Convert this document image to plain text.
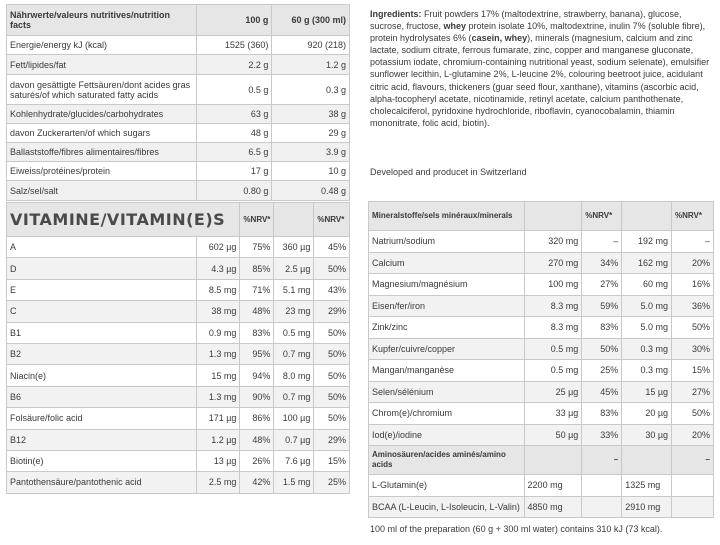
Nährwerte/valeurs nutritives/nutrition facts	100 g	60 g (300 ml)
Energie/energy kJ (kcal)	1525 (360)	920 (218)
Fett/lipides/fat	2.2 g	1.2 g
davon gesättigte Fettsäuren/dont acides gras saturés/of which saturated fatty acids	0.5 g	0.3 g
Kohlenhydrate/glucides/carbohydrates	63 g	38 g
davon Zuckerarten/of which sugars	48 g	29 g
Ballaststoffe/fibres alimentaires/fibres	6.5 g	3.9 g
Eiweiss/protéines/protein	17 g	10 g
Salz/sel/salt	0.80 g	0.48 g
VITAMINE/VITAMIN(E)S		%NRV*		%NRV*
A	602 µg	75%	360 µg	45%
D	4.3 µg	85%	2.5 µg	50%
E	8.5 mg	71%	5.1 mg	43%
C	38 mg	48%	23 mg	29%
B1	0.9 mg	83%	0.5 mg	50%
B2	1.3 mg	95%	0.7 mg	50%
Niacin(e)	15 mg	94%	8.0 mg	50%
B6	1.3 mg	90%	0.7 mg	50%
Folsäure/folic acid	171 µg	86%	100 µg	50%
B12	1.2 µg	48%	0.7 µg	29%
Biotin(e)	13 µg	26%	7.6 µg	15%
Pantothensäure/pantothenic acid	2.5 mg	42%	1.5 mg	25%
Ingredients: Fruit powders 17% (maltodextrine, strawberry, banana), glucose, sucrose, fructose, whey protein isolate 10%, maltodextrine, inulin 7% (soluble fibre), protein hydrolysates 6% (casein, whey), minerals (magnesium, calcium and zinc lactate, sodium citrate, ferrous fumarate, zinc, copper and manganese gluconate, potassium iodate, chromium-containing nutritional yeast, sodium selenate), emulsifier sunflower lecithin, L-glutamine 2%, L-leucine 2%, colouring beetroot juice, acidulant citric acid, flavours, thickeners (guar seed flour, xanthane), vitamins (ascorbic acid, alpha-tocopheryl acetate, nicotinamide, retinyl acetate, calcium panthothenate, cholecalciferol, pyridoxine hydrochloride, riboflavin, cyanocobalamin, thiamin mononitrate, folic acid, biotin).
Developed and producet in Switzerland
Mineralstoffe/sels minéraux/minerals		%NRV*		%NRV*
Natrium/sodium	320 mg	–	192 mg	–
Calcium	270 mg	34%	162 mg	20%
Magnesium/magnésium	100 mg	27%	60 mg	16%
Eisen/fer/iron	8.3 mg	59%	5.0 mg	36%
Zink/zinc	8.3 mg	83%	5.0 mg	50%
Kupfer/cuivre/copper	0.5 mg	50%	0.3 mg	30%
Mangan/manganèse	0.5 mg	25%	0.3 mg	15%
Selen/sélénium	25 µg	45%	15 µg	27%
Chrom(e)/chromium	33 µg	83%	20 µg	50%
Iod(e)/iodine	50 µg	33%	30 µg	20%
Aminosäuren/acides aminés/amino acids		–		–
L-Glutamin(e)	2200 mg		1325 mg	
BCAA (L-Leucin, L-Isoleucin, L-Valin)	4850 mg		2910 mg	
100 ml of the preparation (60 g + 300 ml water) contains 310 kJ (73 kcal).
